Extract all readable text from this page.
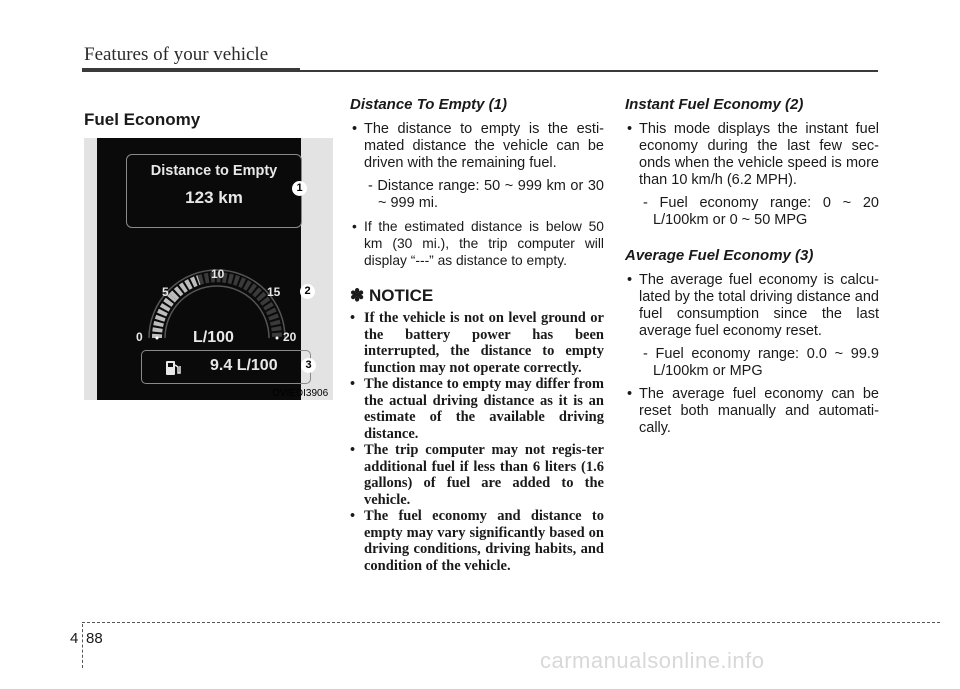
Features of your vehicle
Fuel Economy
Distance to Empty
123 km
0
5
10
15
20
L/100
9.4 L/100
1
2
3
OVIEDI3906
Distance To Empty (1)
• The distance to empty is the esti-mated distance the vehicle can be driven with the remaining fuel.
- Distance range: 50 ~ 999 km or 30 ~ 999 mi.
• If the estimated distance is below 50 km (30 mi.), the trip computer will display “---” as distance to empty.
✽ NOTICE
• If the vehicle is not on level ground or the battery power has been interrupted, the distance to empty function may not operate correctly.
• The distance to empty may differ from the actual driving distance as it is an estimate of the available driving distance.
• The trip computer may not regis-ter additional fuel if less than 6 liters (1.6 gallons) of fuel are added to the vehicle.
• The fuel economy and distance to empty may vary significantly based on driving conditions, driving habits, and condition of the vehicle.
Instant Fuel Economy (2)
• This mode displays the instant fuel economy during the last few sec-onds when the vehicle speed is more than 10 km/h (6.2 MPH).
- Fuel economy range: 0 ~ 20 L/100km or 0 ~ 50 MPG
Average Fuel Economy (3)
• The average fuel economy is calcu-lated by the total driving distance and fuel consumption since the last average fuel economy reset.
- Fuel economy range: 0.0 ~ 99.9 L/100km or MPG
• The average fuel economy can be reset both manually and automati-cally.
4 88
carmanualsonline.info
